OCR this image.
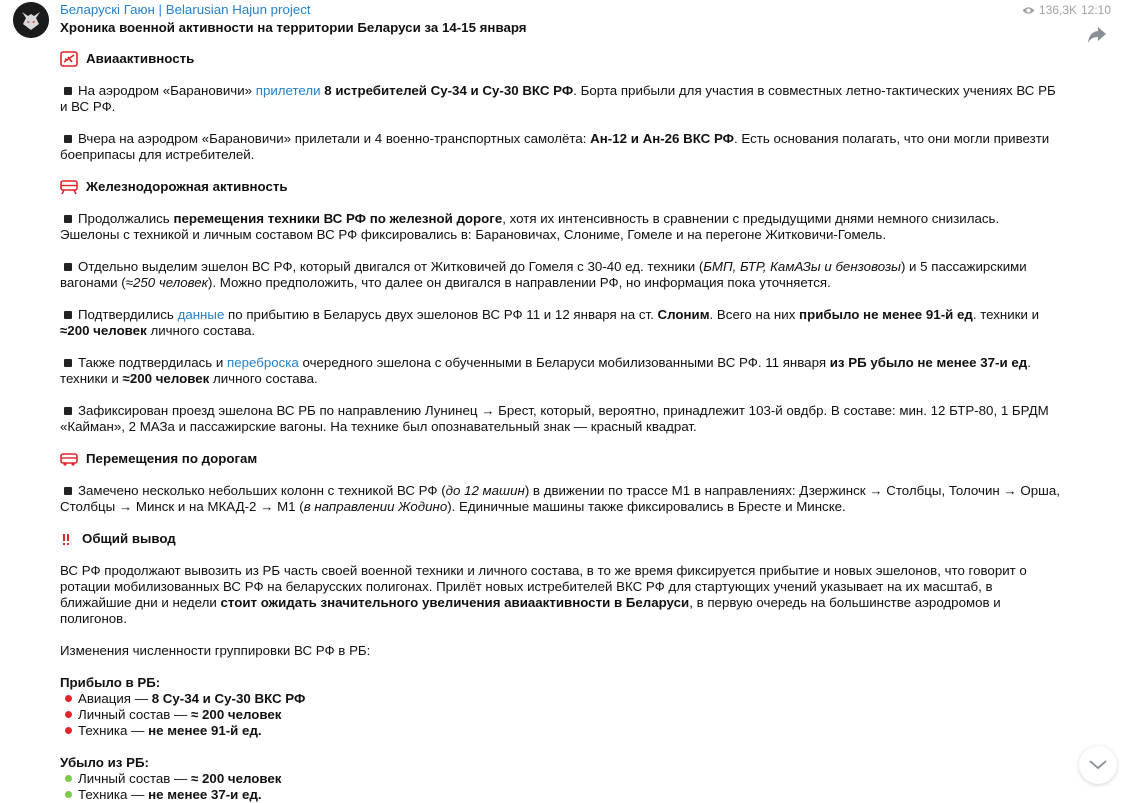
Беларускі Гаюн | Belarusian Hajun project
Хроника военной активности на территории Беларуси за 14-15 января
136,3K 12:10
Авиаактивность
На аэродром «Барановичи» прилетели 8 истребителей Су-34 и Су-30 ВКС РФ. Борта прибыли для участия в совместных летно-тактических учениях ВС РБ и ВС РФ.
Вчера на аэродром «Барановичи» прилетали и 4 военно-транспортных самолёта: Ан-12 и Ан-26 ВКС РФ. Есть основания полагать, что они могли привезти боеприпасы для истребителей.
Железнодорожная активность
Продолжались перемещения техники ВС РФ по железной дороге, хотя их интенсивность в сравнении с предыдущими днями немного снизилась. Эшелоны с техникой и личным составом ВС РФ фиксировались в: Барановичах, Слониме, Гомеле и на перегоне Житковичи-Гомель.
Отдельно выделим эшелон ВС РФ, который двигался от Житковичей до Гомеля с 30-40 ед. техники (БМП, БТР, КамАЗы и бензовозы) и 5 пассажирскими вагонами (≈250 человек). Можно предположить, что далее он двигался в направлении РФ, но информация пока уточняется.
Подтвердились данные по прибытию в Беларусь двух эшелонов ВС РФ 11 и 12 января на ст. Слоним. Всего на них прибыло не менее 91-й ед. техники и ≈200 человек личного состава.
Также подтвердилась и переброска очередного эшелона с обученными в Беларуси мобилизованными ВС РФ. 11 января из РБ убыло не менее 37-и ед. техники и ≈200 человек личного состава.
Зафиксирован проезд эшелона ВС РБ по направлению Лунинец → Брест, который, вероятно, принадлежит 103-й овдбр. В составе: мин. 12 БТР-80, 1 БРДМ «Кайман», 2 МАЗа и пассажирские вагоны. На технике был опознавательный знак — красный квадрат.
Перемещения по дорогам
Замечено несколько небольших колонн с техникой ВС РФ (до 12 машин) в движении по трассе М1 в направлениях: Дзержинск → Столбцы, Толочин → Орша, Столбцы → Минск и на МКАД-2 → М1 (в направлении Жодино). Единичные машины также фиксировались в Бресте и Минске.
Общий вывод
ВС РФ продолжают вывозить из РБ часть своей военной техники и личного состава, в то же время фиксируется прибытие и новых эшелонов, что говорит о ротации мобилизованных ВС РФ на беларусских полигонах. Прилёт новых истребителей ВКС РФ для стартующих учений указывает на их масштаб, в ближайшие дни и недели стоит ожидать значительного увеличения авиаактивности в Беларуси, в первую очередь на большинстве аэродромов и полигонов.
Изменения численности группировки ВС РФ в РБ:
Прибыло в РБ:
Авиация — 8 Су-34 и Су-30 ВКС РФ
Личный состав — ≈ 200 человек
Техника — не менее 91-й ед.
Убыло из РБ:
Личный состав — ≈ 200 человек
Техника — не менее 37-и ед.
